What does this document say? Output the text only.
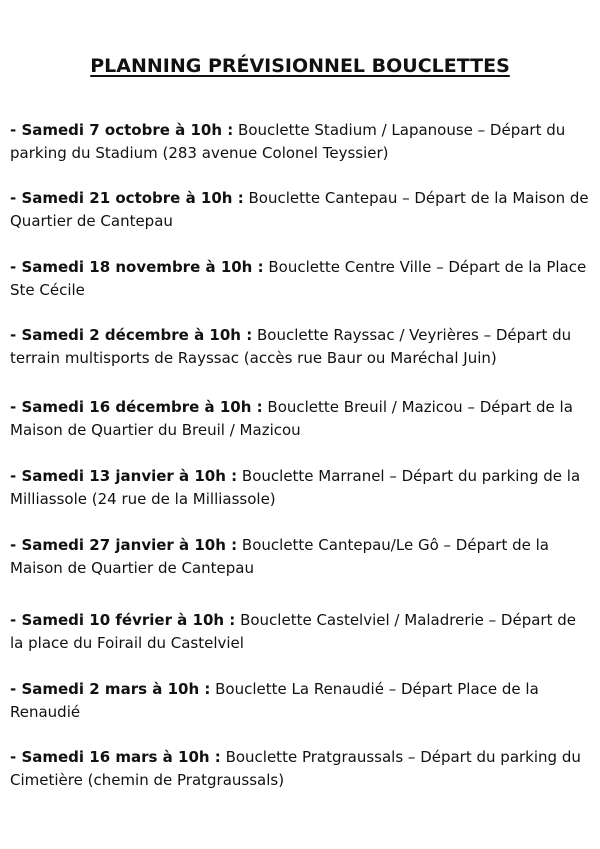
PLANNING PRÉVISIONNEL BOUCLETTES
- Samedi 7 octobre à 10h : Bouclette Stadium / Lapanouse – Départ du parking du Stadium (283 avenue Colonel Teyssier)
- Samedi 21 octobre à 10h : Bouclette Cantepau – Départ de la Maison de Quartier de Cantepau
- Samedi 18 novembre à 10h : Bouclette Centre Ville – Départ de la Place Ste Cécile
- Samedi 2 décembre à 10h : Bouclette Rayssac / Veyrières – Départ du terrain multisports de Rayssac (accès rue Baur ou Maréchal Juin)
- Samedi 16 décembre à 10h : Bouclette Breuil / Mazicou – Départ de la Maison de Quartier du Breuil / Mazicou
- Samedi 13 janvier à 10h : Bouclette Marranel – Départ du parking de la Milliassole (24 rue de la Milliassole)
- Samedi 27 janvier à 10h : Bouclette Cantepau/Le Gô – Départ de la Maison de Quartier de Cantepau
- Samedi 10 février à 10h : Bouclette Castelviel / Maladrerie – Départ de la place du Foirail du Castelviel
- Samedi 2 mars à 10h : Bouclette La Renaudié – Départ Place de la Renaudié
- Samedi 16 mars à 10h : Bouclette Pratgraussals – Départ du parking du Cimetière (chemin de Pratgraussals)
